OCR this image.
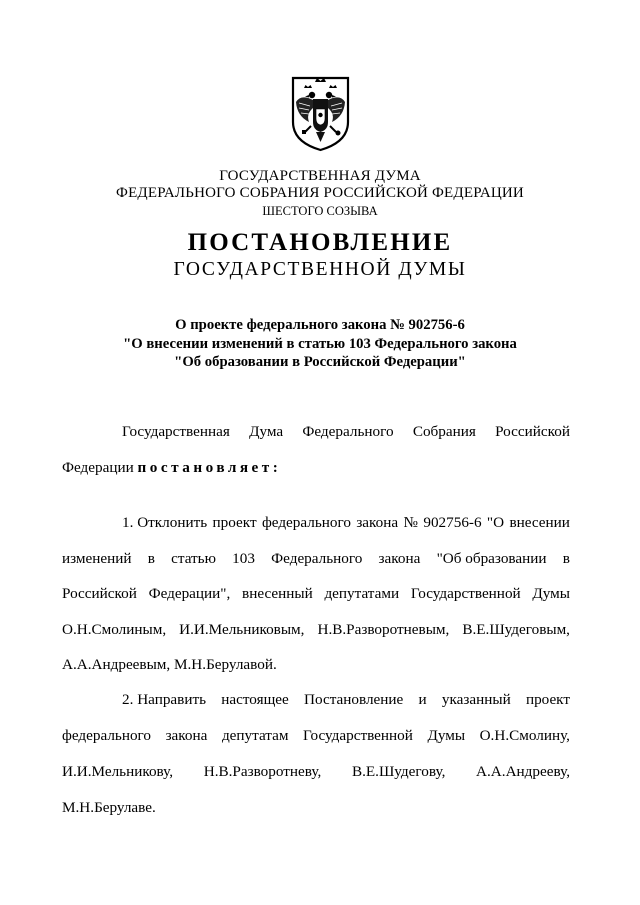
ГОСУДАРСТВЕННАЯ ДУМА
ФЕДЕРАЛЬНОГО СОБРАНИЯ РОССИЙСКОЙ ФЕДЕРАЦИИ
ШЕСТОГО СОЗЫВА
ПОСТАНОВЛЕНИЕ
ГОСУДАРСТВЕННОЙ ДУМЫ
О проекте федерального закона № 902756-6
"О внесении изменений в статью 103 Федерального закона
"Об образовании в Российской Федерации"
Государственная Дума Федерального Собрания Российской
Федерации постановляет:
1. Отклонить проект федерального закона № 902756-6 "О внесении
изменений в статью 103 Федерального закона "Об образовании в
Российской Федерации", внесенный депутатами Государственной Думы
О.Н.Смолиным, И.И.Мельниковым, Н.В.Разворотневым, В.Е.Шудеговым,
А.А.Андреевым, М.Н.Берулавой.
2. Направить настоящее Постановление и указанный проект
федерального закона депутатам Государственной Думы О.Н.Смолину,
И.И.Мельникову, Н.В.Разворотневу, В.Е.Шудегову, А.А.Андрееву,
М.Н.Берулаве.
